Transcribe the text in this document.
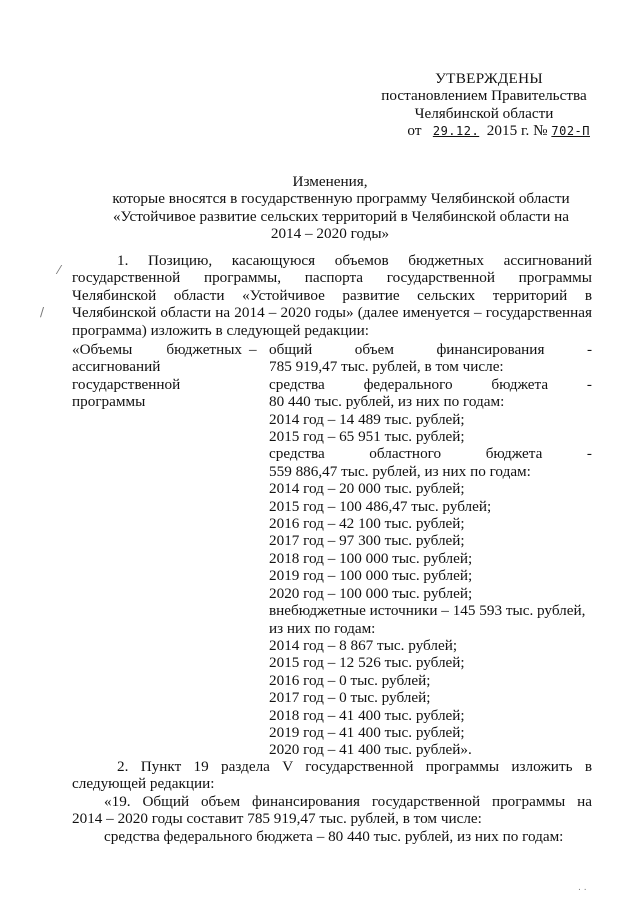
УТВЕРЖДЕНЫ
постановлением Правительства
Челябинской области
от 29.12. 2015 г. № 702-П
Изменения,
которые вносятся в государственную программу Челябинской области
«Устойчивое развитие сельских территорий в Челябинской области на
2014 – 2020 годы»
⁄
/
1. Позицию, касающуюся объемов бюджетных ассигнований
государственной программы, паспорта государственной программы
Челябинской области «Устойчивое развитие сельских территорий в
Челябинской области на 2014 – 2020 годы» (далее именуется – государственная
программа) изложить в следующей редакции:
«Объемы бюджетных
ассигнований
государственной
программы
– общий объем финансирования -
785 919,47 тыс. рублей, в том числе:
средства федерального бюджета -
80 440 тыс. рублей, из них по годам:
2014 год – 14 489 тыс. рублей;
2015 год – 65 951 тыс. рублей;
средства областного бюджета -
559 886,47 тыс. рублей, из них по годам:
2014 год – 20 000 тыс. рублей;
2015 год – 100 486,47 тыс. рублей;
2016 год – 42 100 тыс. рублей;
2017 год – 97 300 тыс. рублей;
2018 год – 100 000 тыс. рублей;
2019 год – 100 000 тыс. рублей;
2020 год – 100 000 тыс. рублей;
внебюджетные источники – 145 593 тыс. рублей,
из них по годам:
2014 год – 8 867 тыс. рублей;
2015 год – 12 526 тыс. рублей;
2016 год – 0 тыс. рублей;
2017 год – 0 тыс. рублей;
2018 год – 41 400 тыс. рублей;
2019 год – 41 400 тыс. рублей;
2020 год – 41 400 тыс. рублей».
2. Пункт 19 раздела V государственной программы изложить в
следующей редакции:
«19. Общий объем финансирования государственной программы на
2014 – 2020 годы составит 785 919,47 тыс. рублей, в том числе:
средства федерального бюджета – 80 440 тыс. рублей, из них по годам:
. .
